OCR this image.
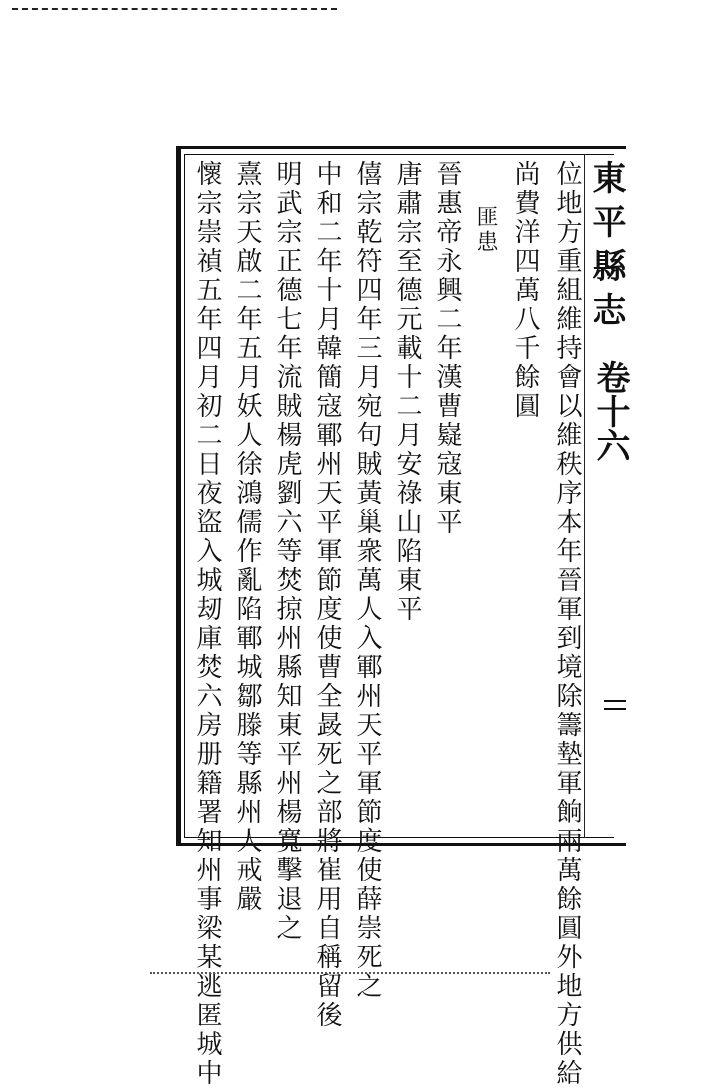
東平縣志
卷十六
位地方重組維持會以維秩序本年晉軍到境除籌墊軍餉兩萬餘圓外地方供給
尚費洋四萬八千餘圓
匪患
晉惠帝永興二年漢曹嶷寇東平
唐肅宗至德元載十二月安祿山陷東平
僖宗乾符四年三月宛句賊黃巢衆萬人入鄆州天平軍節度使薛崇死之
中和二年十月韓簡寇鄆州天平軍節度使曹全晸死之部將崔用自稱留後
明武宗正德七年流賊楊虎劉六等焚掠州縣知東平州楊寬擊退之
熹宗天啟二年五月妖人徐鴻儒作亂陷鄆城鄒滕等縣州人戒嚴
懷宗崇禎五年四月初二日夜盜入城刼庫焚六房册籍署知州事梁某逃匿城中
